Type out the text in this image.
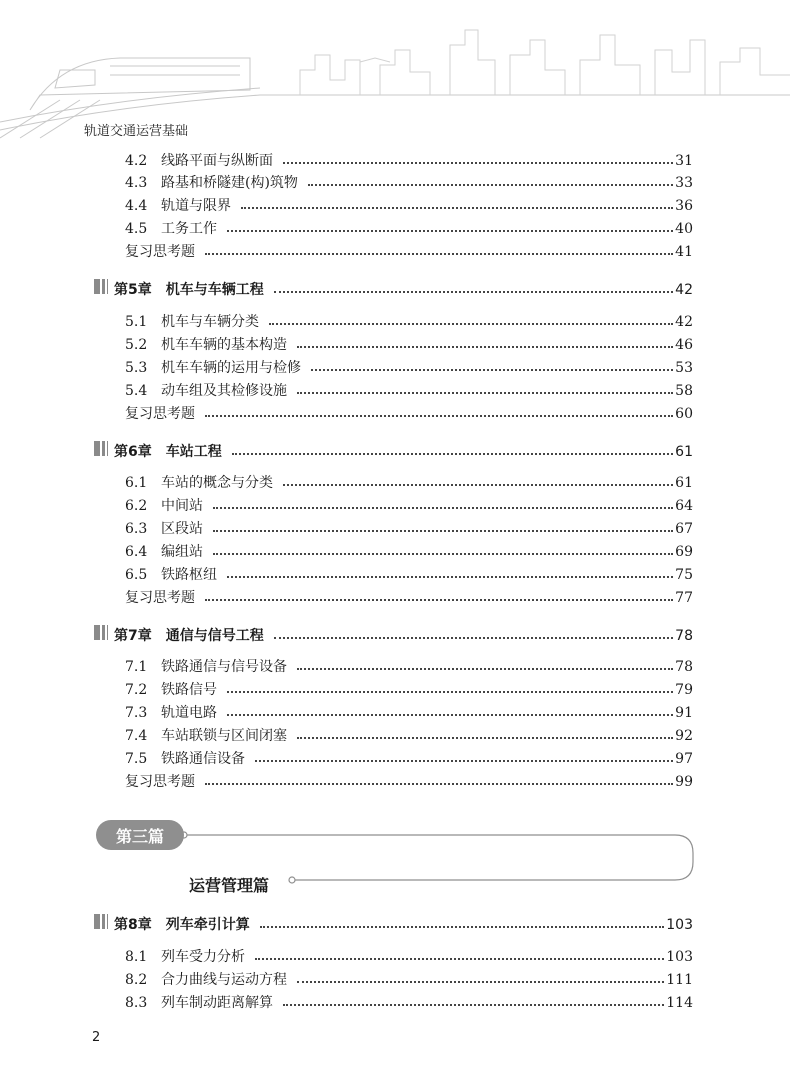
轨道交通运营基础
4.2 线路平面与纵断面	31
4.3 路基和桥隧建(构)筑物	33
4.4 轨道与限界	36
4.5 工务工作	40
复习思考题	41
第5章　机车与车辆工程	42
5.1 机车与车辆分类	42
5.2 机车车辆的基本构造	46
5.3 机车车辆的运用与检修	53
5.4 动车组及其检修设施	58
复习思考题	60
第6章　车站工程	61
6.1 车站的概念与分类	61
6.2 中间站	64
6.3 区段站	67
6.4 编组站	69
6.5 铁路枢纽	75
复习思考题	77
第7章　通信与信号工程	78
7.1 铁路通信与信号设备	78
7.2 铁路信号	79
7.3 轨道电路	91
7.4 车站联锁与区间闭塞	92
7.5 铁路通信设备	97
复习思考题	99
第三篇
运营管理篇
第8章　列车牵引计算	103
8.1 列车受力分析	103
8.2 合力曲线与运动方程	111
8.3 列车制动距离解算	114
2
